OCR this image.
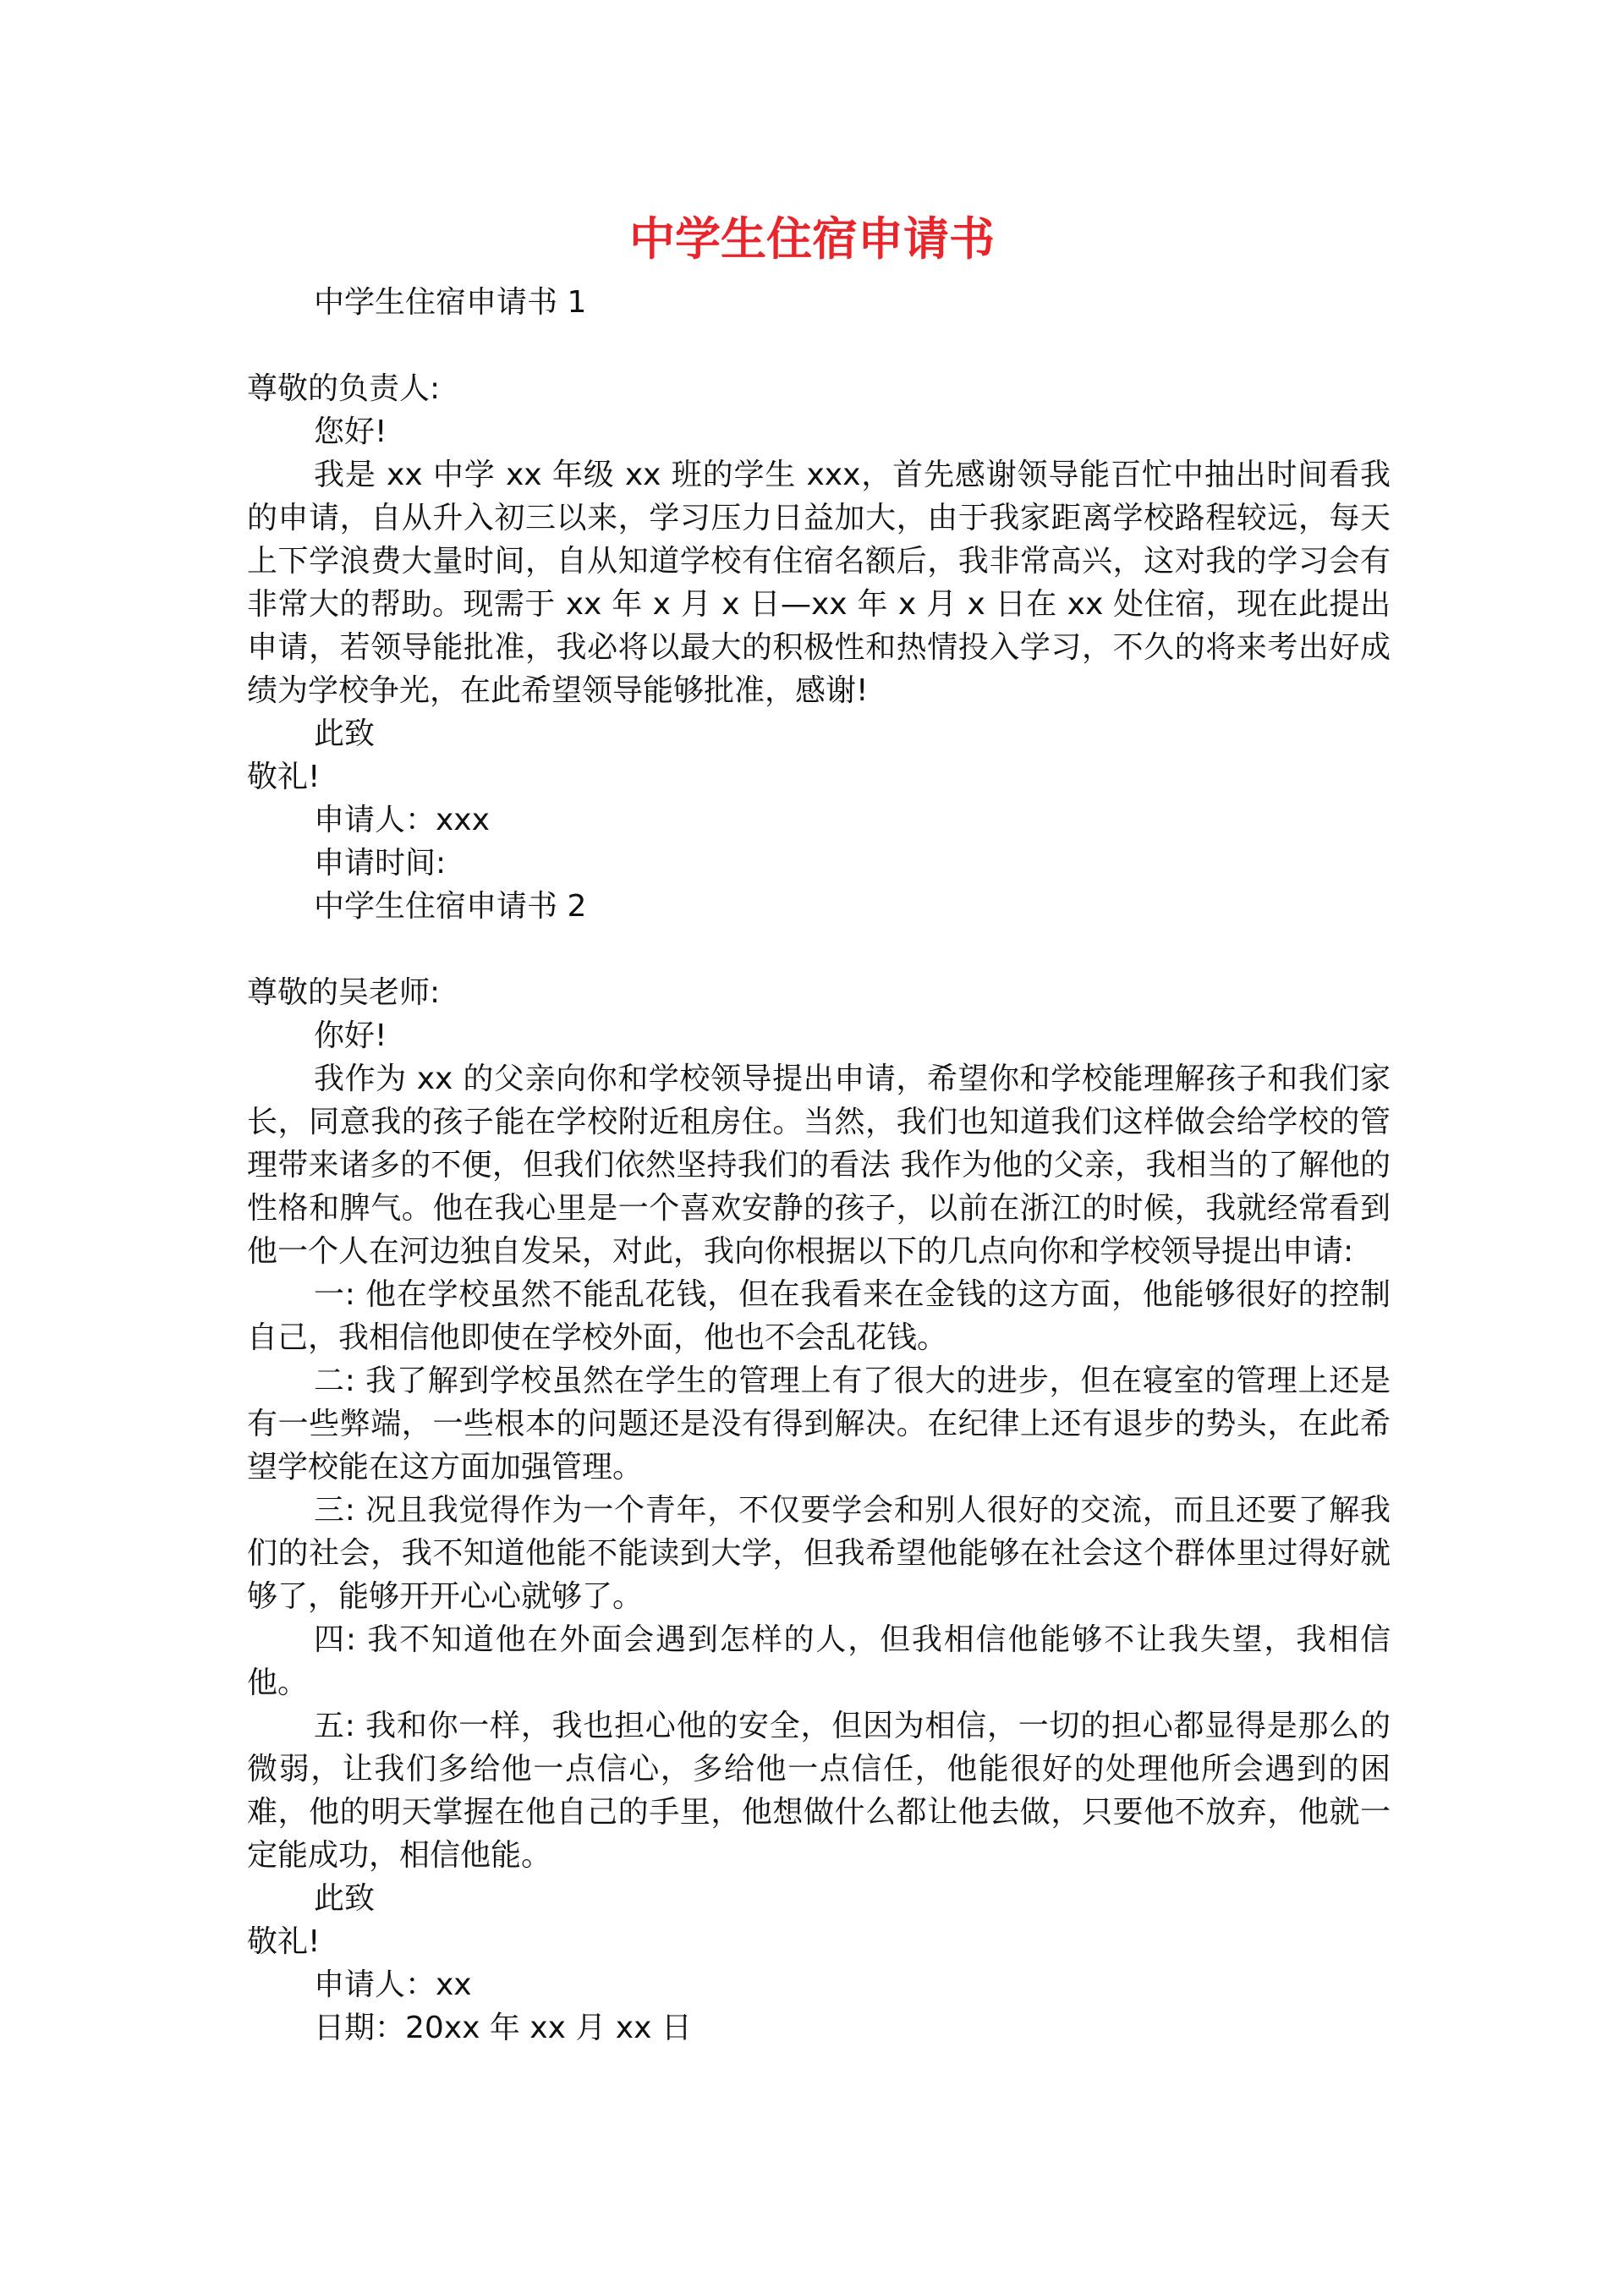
中学生住宿申请书

中学生住宿申请书 1

尊敬的负责人:

您好!

我是 xx 中学 xx 年级 xx 班的学生 xxx，首先感谢领导能百忙中抽出时间看我的申请，自从升入初三以来，学习压力日益加大，由于我家距离学校路程较远，每天上下学浪费大量时间，自从知道学校有住宿名额后，我非常高兴，这对我的学习会有非常大的帮助。现需于 xx 年 x 月 x 日—xx 年 x 月 x 日在 xx 处住宿，现在此提出申请，若领导能批准，我必将以最大的积极性和热情投入学习，不久的将来考出好成绩为学校争光，在此希望领导能够批准，感谢!

此致

敬礼!

申请人：xxx

申请时间:

中学生住宿申请书 2

尊敬的吴老师:

你好!

我作为 xx 的父亲向你和学校领导提出申请，希望你和学校能理解孩子和我们家长，同意我的孩子能在学校附近租房住。当然，我们也知道我们这样做会给学校的管理带来诸多的不便，但我们依然坚持我们的看法 我作为他的父亲，我相当的了解他的性格和脾气。他在我心里是一个喜欢安静的孩子，以前在浙江的时候，我就经常看到他一个人在河边独自发呆，对此，我向你根据以下的几点向你和学校领导提出申请:

一: 他在学校虽然不能乱花钱，但在我看来在金钱的这方面，他能够很好的控制自己，我相信他即使在学校外面，他也不会乱花钱。

二: 我了解到学校虽然在学生的管理上有了很大的进步，但在寝室的管理上还是有一些弊端，一些根本的问题还是没有得到解决。在纪律上还有退步的势头，在此希望学校能在这方面加强管理。

三: 况且我觉得作为一个青年，不仅要学会和别人很好的交流，而且还要了解我们的社会，我不知道他能不能读到大学，但我希望他能够在社会这个群体里过得好就够了，能够开开心心就够了。

四: 我不知道他在外面会遇到怎样的人，但我相信他能够不让我失望，我相信他。

五: 我和你一样，我也担心他的安全，但因为相信，一切的担心都显得是那么的微弱，让我们多给他一点信心，多给他一点信任，他能很好的处理他所会遇到的困难，他的明天掌握在他自己的手里，他想做什么都让他去做，只要他不放弃，他就一定能成功，相信他能。

此致

敬礼!

申请人：xx

日期：20xx 年 xx 月 xx 日
